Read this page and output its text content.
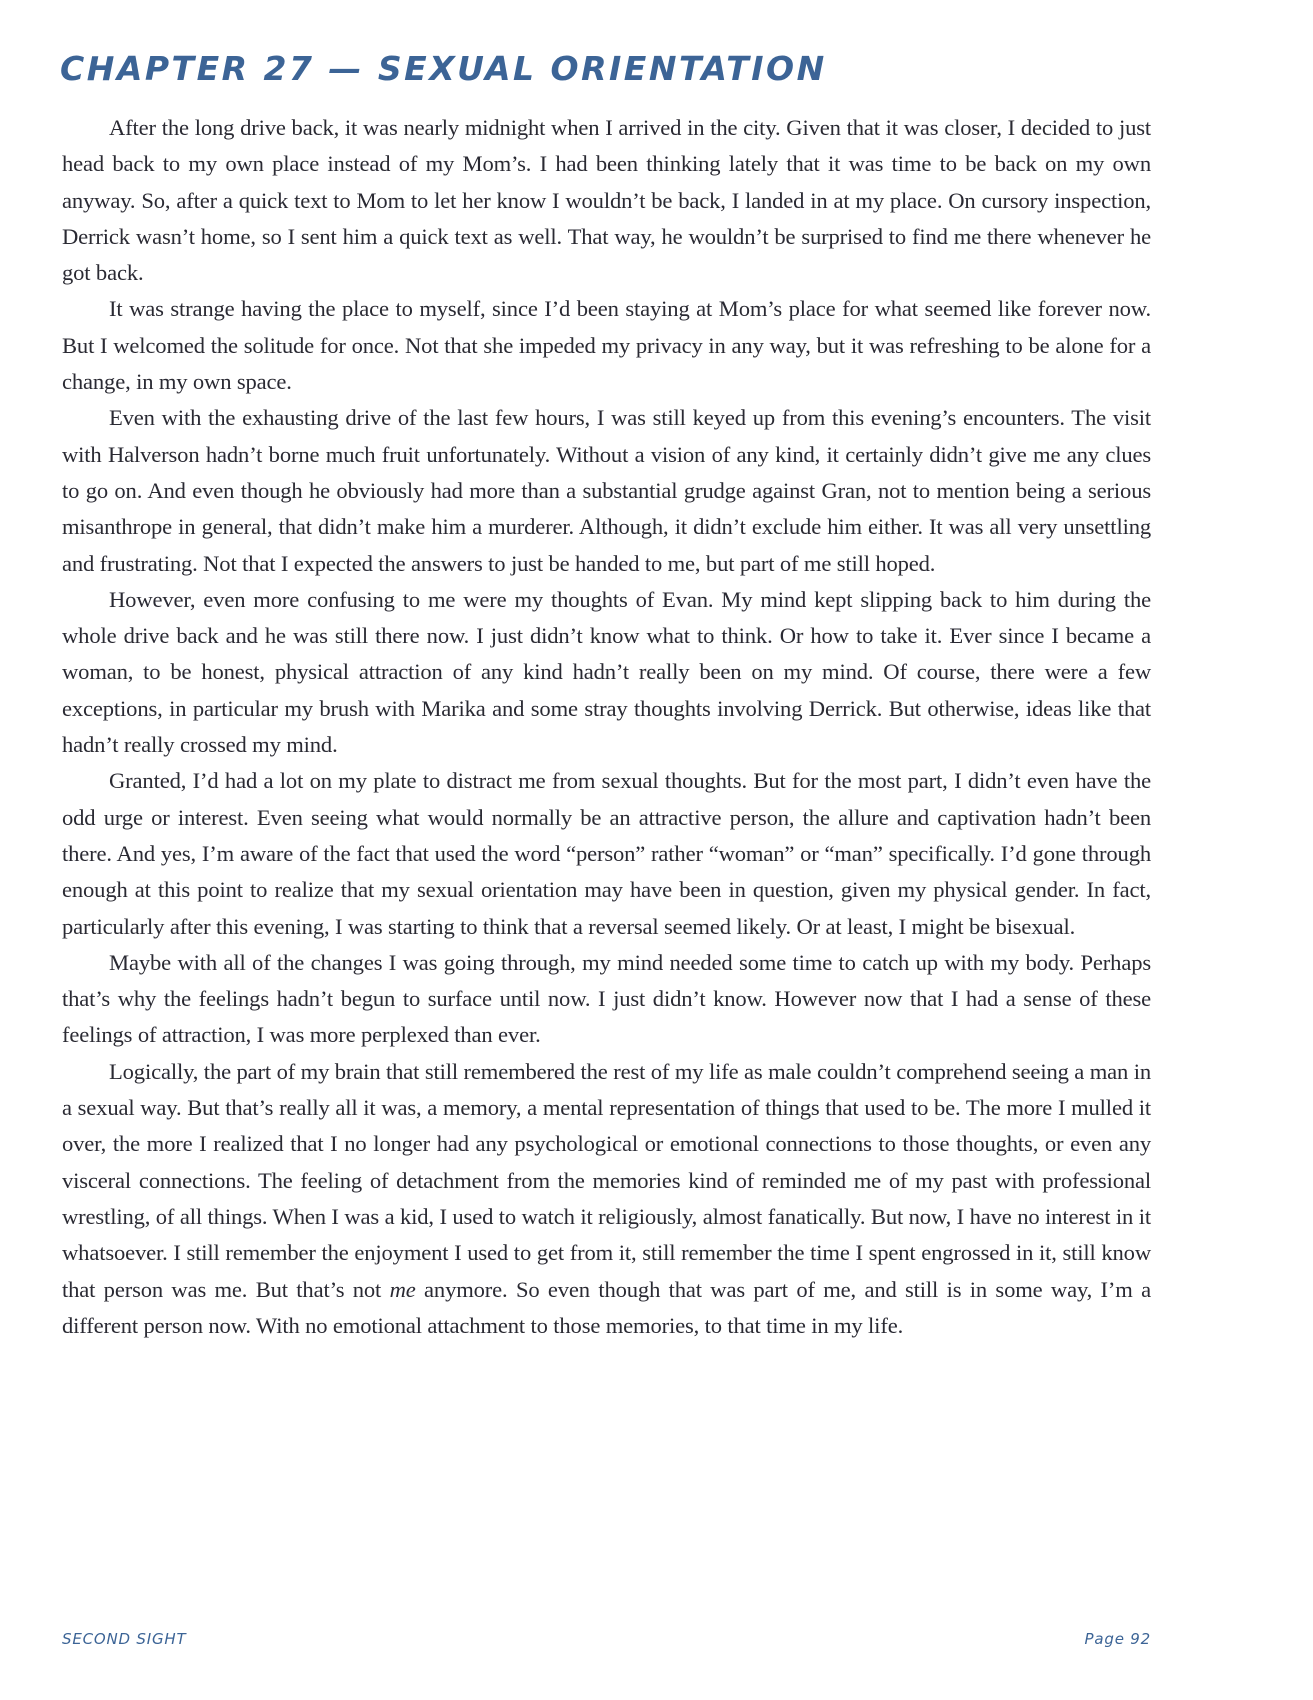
CHAPTER 27 — SEXUAL ORIENTATION

After the long drive back, it was nearly midnight when I arrived in the city. Given that it was closer, I decided to just head back to my own place instead of my Mom’s. I had been thinking lately that it was time to be back on my own anyway. So, after a quick text to Mom to let her know I wouldn’t be back, I landed in at my place. On cursory inspection, Derrick wasn’t home, so I sent him a quick text as well. That way, he wouldn’t be surprised to find me there whenever he got back.

It was strange having the place to myself, since I’d been staying at Mom’s place for what seemed like forever now. But I welcomed the solitude for once. Not that she impeded my privacy in any way, but it was refreshing to be alone for a change, in my own space.

Even with the exhausting drive of the last few hours, I was still keyed up from this evening’s encounters. The visit with Halverson hadn’t borne much fruit unfortunately. Without a vision of any kind, it certainly didn’t give me any clues to go on. And even though he obviously had more than a substantial grudge against Gran, not to mention being a serious misanthrope in general, that didn’t make him a murderer. Although, it didn’t exclude him either. It was all very unsettling and frustrating. Not that I expected the answers to just be handed to me, but part of me still hoped.

However, even more confusing to me were my thoughts of Evan. My mind kept slipping back to him during the whole drive back and he was still there now. I just didn’t know what to think. Or how to take it. Ever since I became a woman, to be honest, physical attraction of any kind hadn’t really been on my mind. Of course, there were a few exceptions, in particular my brush with Marika and some stray thoughts involving Derrick. But otherwise, ideas like that hadn’t really crossed my mind.

Granted, I’d had a lot on my plate to distract me from sexual thoughts. But for the most part, I didn’t even have the odd urge or interest. Even seeing what would normally be an attractive person, the allure and captivation hadn’t been there. And yes, I’m aware of the fact that used the word “person” rather “woman” or “man” specifically. I’d gone through enough at this point to realize that my sexual orientation may have been in question, given my physical gender. In fact, particularly after this evening, I was starting to think that a reversal seemed likely. Or at least, I might be bisexual.

Maybe with all of the changes I was going through, my mind needed some time to catch up with my body. Perhaps that’s why the feelings hadn’t begun to surface until now. I just didn’t know. However now that I had a sense of these feelings of attraction, I was more perplexed than ever.

Logically, the part of my brain that still remembered the rest of my life as male couldn’t comprehend seeing a man in a sexual way. But that’s really all it was, a memory, a mental representation of things that used to be. The more I mulled it over, the more I realized that I no longer had any psychological or emotional connections to those thoughts, or even any visceral connections. The feeling of detachment from the memories kind of reminded me of my past with professional wrestling, of all things. When I was a kid, I used to watch it religiously, almost fanatically. But now, I have no interest in it whatsoever. I still remember the enjoyment I used to get from it, still remember the time I spent engrossed in it, still know that person was me. But that’s not me anymore. So even though that was part of me, and still is in some way, I’m a different person now. With no emotional attachment to those memories, to that time in my life.

SECOND SIGHT	Page 92
